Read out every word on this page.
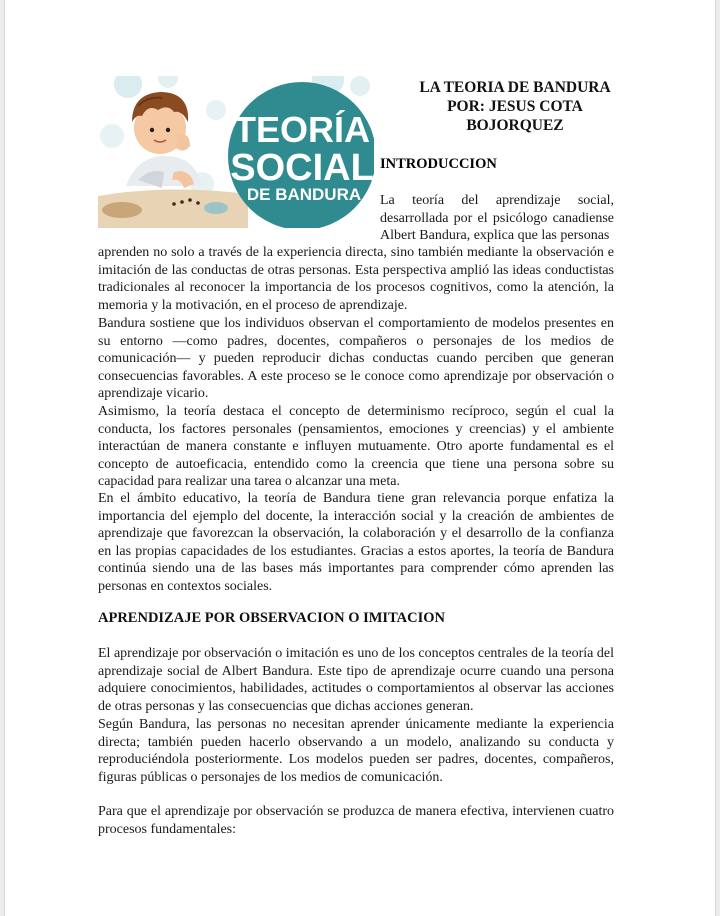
TEORÍA
SOCIAL
DE BANDURA
LA TEORIA DE BANDURA
POR: JESUS COTA
BOJORQUEZ
INTRODUCCION

La teoría del aprendizaje social, desarrollada por el psicólogo canadiense Albert Bandura, explica que las personas

aprenden no solo a través de la experiencia directa, sino también mediante la observación e imitación de las conductas de otras personas. Esta perspectiva amplió las ideas conductistas tradicionales al reconocer la importancia de los procesos cognitivos, como la atención, la memoria y la motivación, en el proceso de aprendizaje.

Bandura sostiene que los individuos observan el comportamiento de modelos presentes en su entorno —como padres, docentes, compañeros o personajes de los medios de comunicación— y pueden reproducir dichas conductas cuando perciben que generan consecuencias favorables. A este proceso se le conoce como aprendizaje por observación o aprendizaje vicario.

Asimismo, la teoría destaca el concepto de determinismo recíproco, según el cual la conducta, los factores personales (pensamientos, emociones y creencias) y el ambiente interactúan de manera constante e influyen mutuamente. Otro aporte fundamental es el concepto de autoeficacia, entendido como la creencia que tiene una persona sobre su capacidad para realizar una tarea o alcanzar una meta.

En el ámbito educativo, la teoría de Bandura tiene gran relevancia porque enfatiza la importancia del ejemplo del docente, la interacción social y la creación de ambientes de aprendizaje que favorezcan la observación, la colaboración y el desarrollo de la confianza en las propias capacidades de los estudiantes. Gracias a estos aportes, la teoría de Bandura continúa siendo una de las bases más importantes para comprender cómo aprenden las personas en contextos sociales.

APRENDIZAJE POR OBSERVACION O IMITACION

El aprendizaje por observación o imitación es uno de los conceptos centrales de la teoría del aprendizaje social de Albert Bandura. Este tipo de aprendizaje ocurre cuando una persona adquiere conocimientos, habilidades, actitudes o comportamientos al observar las acciones de otras personas y las consecuencias que dichas acciones generan.

Según Bandura, las personas no necesitan aprender únicamente mediante la experiencia directa; también pueden hacerlo observando a un modelo, analizando su conducta y reproduciéndola posteriormente. Los modelos pueden ser padres, docentes, compañeros, figuras públicas o personajes de los medios de comunicación.

Para que el aprendizaje por observación se produzca de manera efectiva, intervienen cuatro procesos fundamentales:
